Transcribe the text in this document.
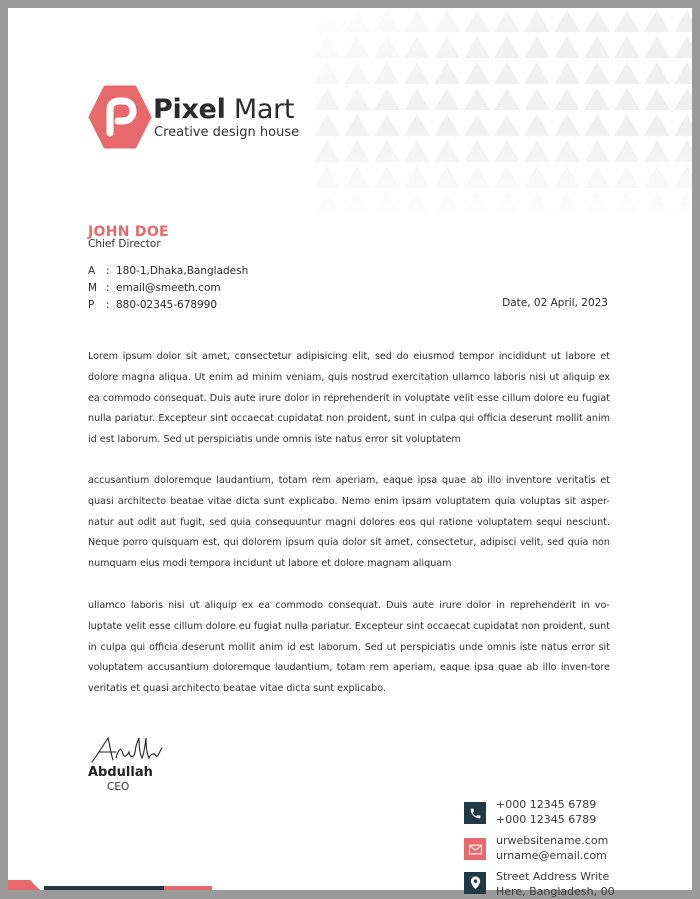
Pixel Mart
Creative design house
JOHN DOE
Chief Director
A : 180-1,Dhaka,Bangladesh
M : email@smeeth.com
P : 880-02345-678990	Date, 02 April, 2023

Lorem ipsum dolor sit amet, consectetur adipisicing elit, sed do eiusmod tempor incididunt ut labore et dolore magna aliqua. Ut enim ad minim veniam, quis nostrud exercitation ullamco laboris nisi ut aliquip ex ea commodo consequat. Duis aute irure dolor in reprehenderit in voluptate velit esse cillum dolore eu fugiat nulla pariatur. Excepteur sint occaecat cupidatat non proident, sunt in culpa qui officia deserunt mollit anim id est laborum. Sed ut perspiciatis unde omnis iste natus error sit voluptatem

accusantium doloremque laudantium, totam rem aperiam, eaque ipsa quae ab illo inventore veritatis et quasi architecto beatae vitae dicta sunt explicabo. Nemo enim ipsam voluptatem quia voluptas sit asper-natur aut odit aut fugit, sed quia consequuntur magni dolores eos qui ratione voluptatem sequi nesciunt. Neque porro quisquam est, qui dolorem ipsum quia dolor sit amet, consectetur, adipisci velit, sed quia non numquam eius modi tempora incidunt ut labore et dolore magnam aliquam

ullamco laboris nisi ut aliquip ex ea commodo consequat. Duis aute irure dolor in reprehenderit in vo-luptate velit esse cillum dolore eu fugiat nulla pariatur. Excepteur sint occaecat cupidatat non proident, sunt in culpa qui officia deserunt mollit anim id est laborum. Sed ut perspiciatis unde omnis iste natus error sit voluptatem accusantium doloremque laudantium, totam rem aperiam, eaque ipsa quae ab illo inven-tore veritatis et quasi architecto beatae vitae dicta sunt explicabo.

Abdullah
CEO
+000 12345 6789
+000 12345 6789
urwebsitename.com
urname@email.com
Street Address Write
Here, Bangladesh, 00
